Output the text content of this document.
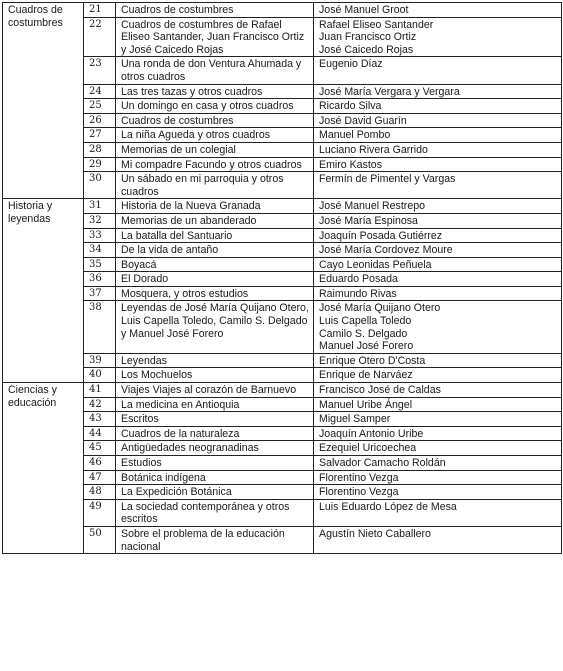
Cuadros de costumbres	21	Cuadros de costumbres	José Manuel Groot

	22	Cuadros de costumbres de Rafael Eliseo Santander, Juan Francisco Ortiz y José Caicedo Rojas	Rafael Eliseo Santander
Juan Francisco Ortiz
José Caicedo Rojas

	23	Una ronda de don Ventura Ahumada y otros cuadros	Eugenio Díaz

	24	Las tres tazas y otros cuadros	José María Vergara y Vergara

	25	Un domingo en casa y otros cuadros	Ricardo Silva

	26	Cuadros de costumbres	José David Guarín

	27	La niña Agueda y otros cuadros	Manuel Pombo

	28	Memorias de un colegial	Luciano Rivera Garrido

	29	Mi compadre Facundo y otros cuadros	Emiro Kastos

	30	Un sábado en mi parroquia y otros cuadros	Fermín de Pimentel y Vargas

Historia y leyendas	31	Historia de la Nueva Granada	José Manuel Restrepo

	32	Memorias de un abanderado	José María Espinosa

	33	La batalla del Santuario	Joaquín Posada Gutiérrez

	34	De la vida de antaño	José María Cordovez Moure

	35	Boyacá	Cayo Leonidas Peñuela

	36	El Dorado	Eduardo Posada

	37	Mosquera, y otros estudios	Raimundo Rivas

	38	Leyendas de José María Quijano Otero, Luis Capella Toledo, Camilo S. Delgado y Manuel José Forero	José María Quijano Otero
Luis Capella Toledo
Camilo S. Delgado
Manuel José Forero

	39	Leyendas	Enrique Otero D'Costa

	40	Los Mochuelos	Enrique de Narváez

Ciencias y educación	41	Viajes Viajes al corazón de Barnuevo	Francisco José de Caldas

	42	La medicina en Antioquia	Manuel Uribe Ángel

	43	Escritos	Miguel Samper

	44	Cuadros de la naturaleza	Joaquín Antonio Uribe

	45	Antigüedades neogranadinas	Ezequiel Uricoechea

	46	Estudios	Salvador Camacho Roldán

	47	Botánica indígena	Florentino Vezga

	48	La Expedición Botánica	Florentino Vezga

	49	La sociedad contemporánea y otros escritos	Luis Eduardo López de Mesa

	50	Sobre el problema de la educación nacional	Agustín Nieto Caballero
